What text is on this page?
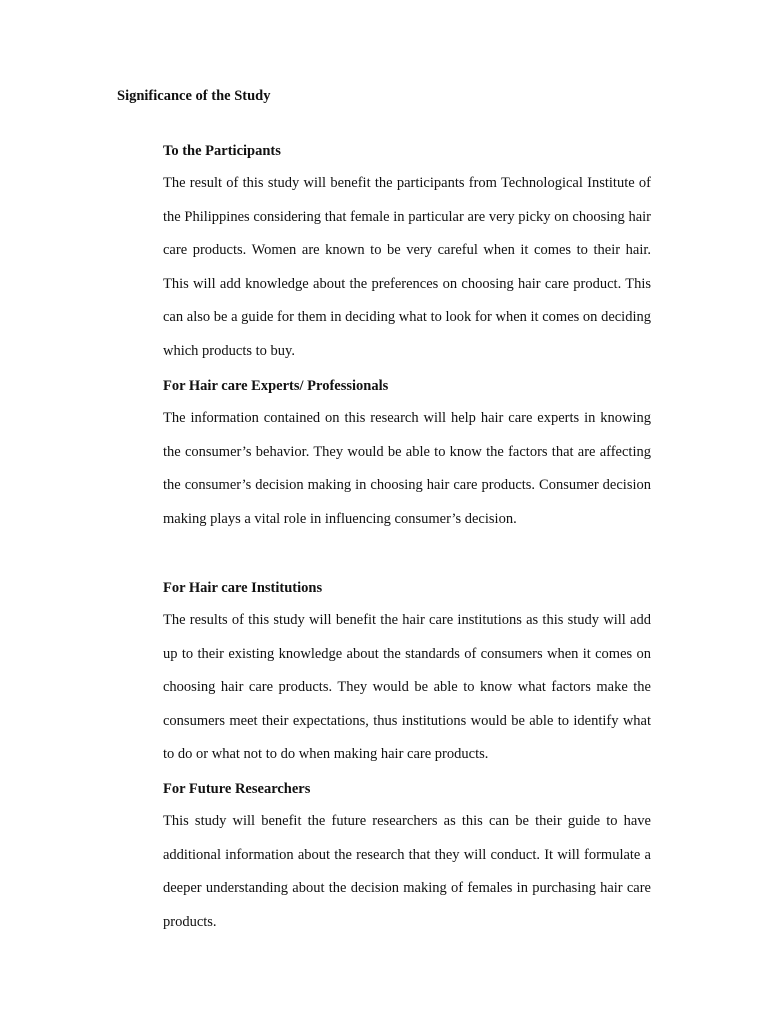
Significance of the Study
To the Participants

The result of this study will benefit the participants from Technological Institute of the Philippines considering that female in particular are very picky on choosing hair care products. Women are known to be very careful when it comes to their hair. This will add knowledge about the preferences on choosing hair care product. This can also be a guide for them in deciding what to look for when it comes on deciding which products to buy.

For Hair care Experts/ Professionals

The information contained on this research will help hair care experts in knowing the consumer’s behavior. They would be able to know the factors that are affecting the consumer’s decision making in choosing hair care products. Consumer decision making plays a vital role in influencing consumer’s decision.

For Hair care Institutions

The results of this study will benefit the hair care institutions as this study will add up to their existing knowledge about the standards of consumers when it comes on choosing hair care products. They would be able to know what factors make the consumers meet their expectations, thus institutions would be able to identify what to do or what not to do when making hair care products.

For Future Researchers

This study will benefit the future researchers as this can be their guide to have additional information about the research that they will conduct. It will formulate a deeper understanding about the decision making of females in purchasing hair care products.
